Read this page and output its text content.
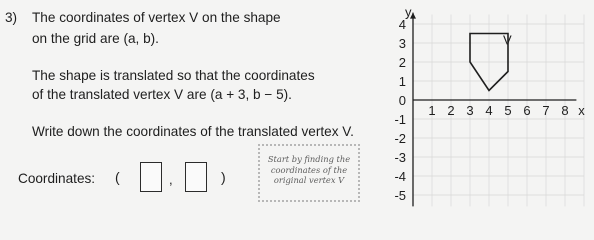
3) The coordinates of vertex V on the shape
on the grid are (a, b).
The shape is translated so that the coordinates
of the translated vertex V are (a + 3, b − 5).
Write down the coordinates of the translated vertex V.
Coordinates: (	,	)
Start by finding the
coordinates of the
original vertex V
1 2 3 4 5 6 7 8
4
3
2
1
0
-1
-2
-3
-4
-5
V
x
y
